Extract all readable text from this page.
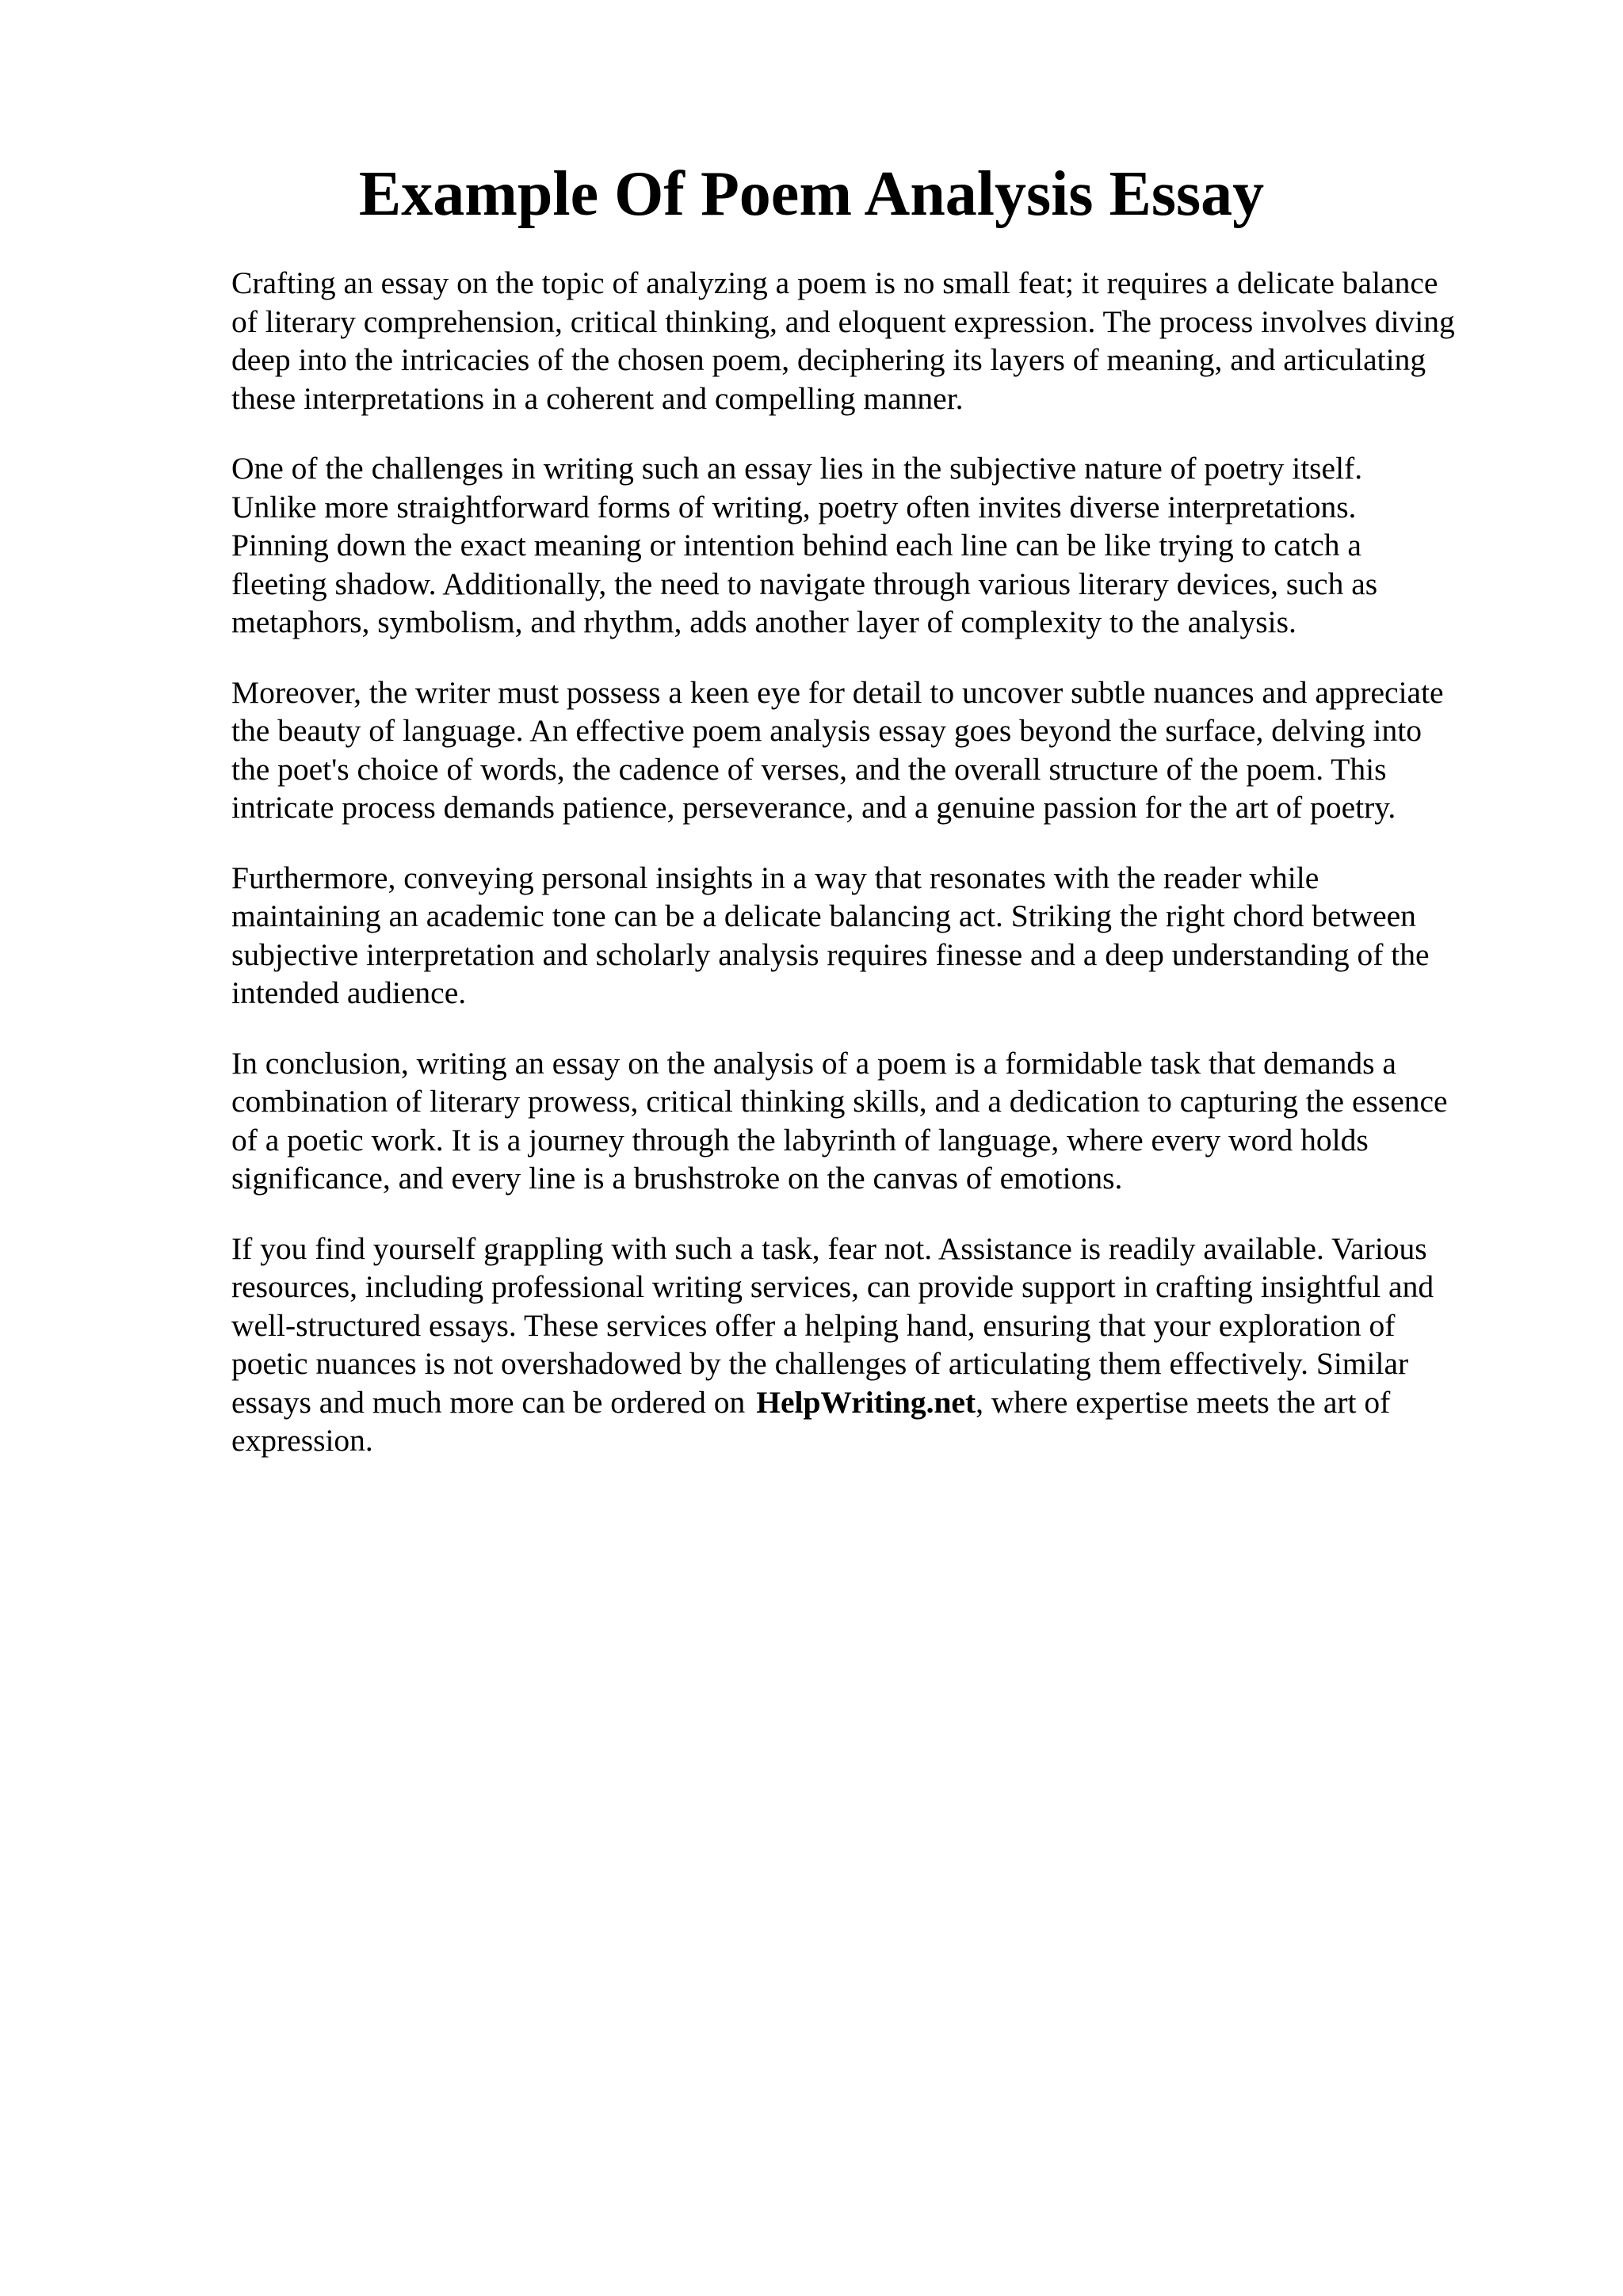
Example Of Poem Analysis Essay

Crafting an essay on the topic of analyzing a poem is no small feat; it requires a delicate balance
of literary comprehension, critical thinking, and eloquent expression. The process involves diving
deep into the intricacies of the chosen poem, deciphering its layers of meaning, and articulating
these interpretations in a coherent and compelling manner.

One of the challenges in writing such an essay lies in the subjective nature of poetry itself.
Unlike more straightforward forms of writing, poetry often invites diverse interpretations.
Pinning down the exact meaning or intention behind each line can be like trying to catch a
fleeting shadow. Additionally, the need to navigate through various literary devices, such as
metaphors, symbolism, and rhythm, adds another layer of complexity to the analysis.

Moreover, the writer must possess a keen eye for detail to uncover subtle nuances and appreciate
the beauty of language. An effective poem analysis essay goes beyond the surface, delving into
the poet's choice of words, the cadence of verses, and the overall structure of the poem. This
intricate process demands patience, perseverance, and a genuine passion for the art of poetry.

Furthermore, conveying personal insights in a way that resonates with the reader while
maintaining an academic tone can be a delicate balancing act. Striking the right chord between
subjective interpretation and scholarly analysis requires finesse and a deep understanding of the
intended audience.

In conclusion, writing an essay on the analysis of a poem is a formidable task that demands a
combination of literary prowess, critical thinking skills, and a dedication to capturing the essence
of a poetic work. It is a journey through the labyrinth of language, where every word holds
significance, and every line is a brushstroke on the canvas of emotions.

If you find yourself grappling with such a task, fear not. Assistance is readily available. Various
resources, including professional writing services, can provide support in crafting insightful and
well-structured essays. These services offer a helping hand, ensuring that your exploration of
poetic nuances is not overshadowed by the challenges of articulating them effectively. Similar
essays and much more can be ordered on HelpWriting.net, where expertise meets the art of
expression.
